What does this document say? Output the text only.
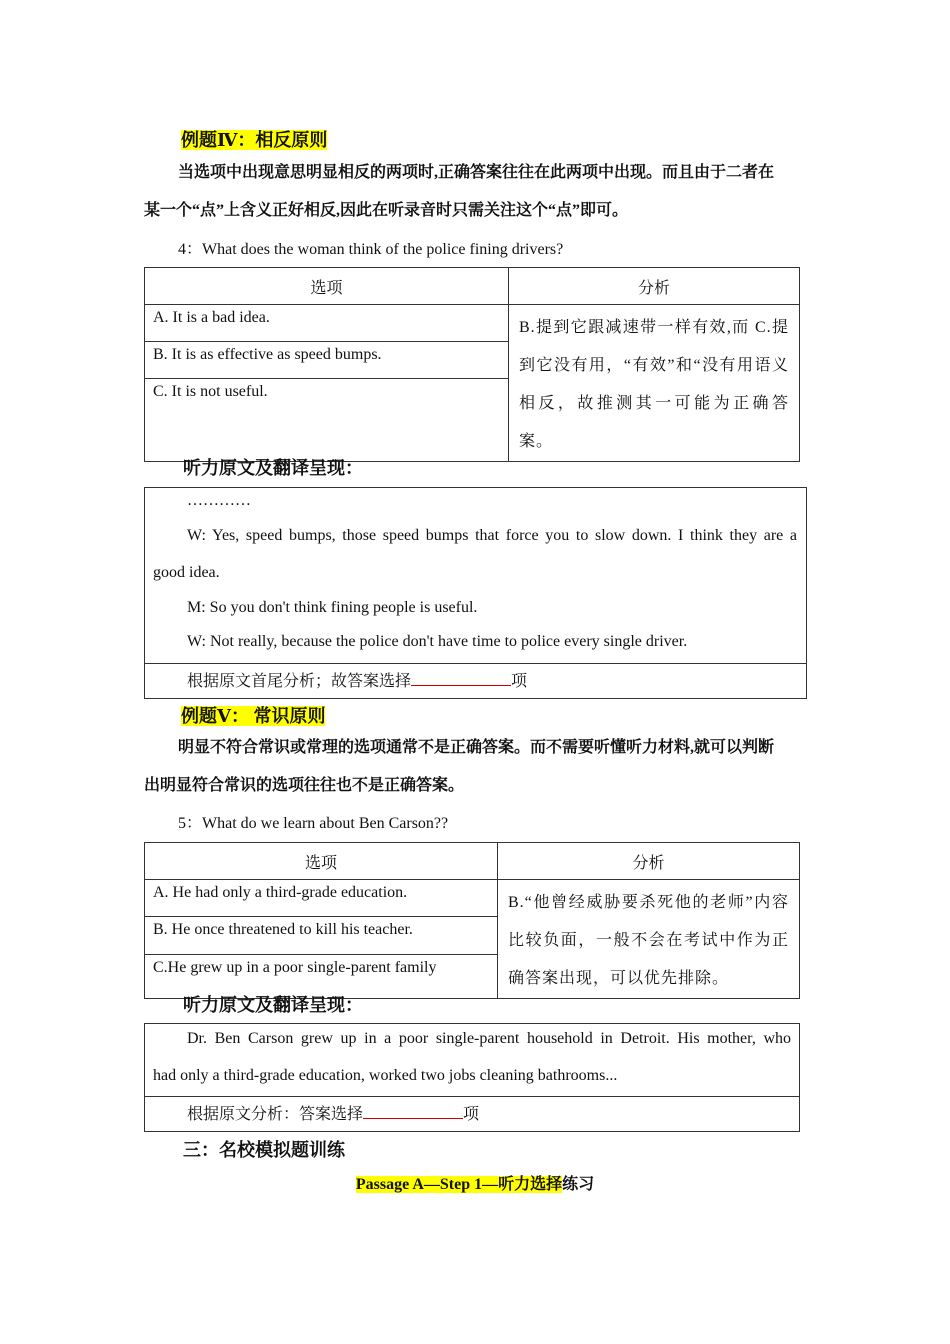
例题Ⅳ：相反原则
当选项中出现意思明显相反的两项时,正确答案往往在此两项中出现。而且由于二者在
某一个“点”上含义正好相反,因此在听录音时只需关注这个“点”即可。
4：What does the woman think of the police fining drivers?
选项	分析
A. It is a bad idea.	B.提到它跟减速带一样有效,而 C.提到它没有用，“有效”和“没有用语义相反，故推测其一可能为正确答案。
B. It is as effective as speed bumps.	
C. It is not useful.	
听力原文及翻译呈现：
…………
W: Yes, speed bumps, those speed bumps that force you to slow down. I think they are a
good idea.
M: So you don't think fining people is useful.
W: Not really, because the police don't have time to police every single driver.
根据原文首尾分析；故答案选择	项
例题Ⅴ： 常识原则
明显不符合常识或常理的选项通常不是正确答案。而不需要听懂听力材料,就可以判断
出明显符合常识的选项往往也不是正确答案。
5：What do we learn about Ben Carson??
选项	分析
A. He had only a third-grade education.	B.“他曾经威胁要杀死他的老师”内容比较负面，一般不会在考试中作为正确答案出现，可以优先排除。
B. He once threatened to kill his teacher.	
C.He grew up in a poor single-parent family	
听力原文及翻译呈现：
Dr. Ben Carson grew up in a poor single-parent household in Detroit. His mother, who
had only a third-grade education, worked two jobs cleaning bathrooms...
根据原文分析：答案选择	项
三：名校模拟题训练
Passage A—Step 1—听力选择练习
